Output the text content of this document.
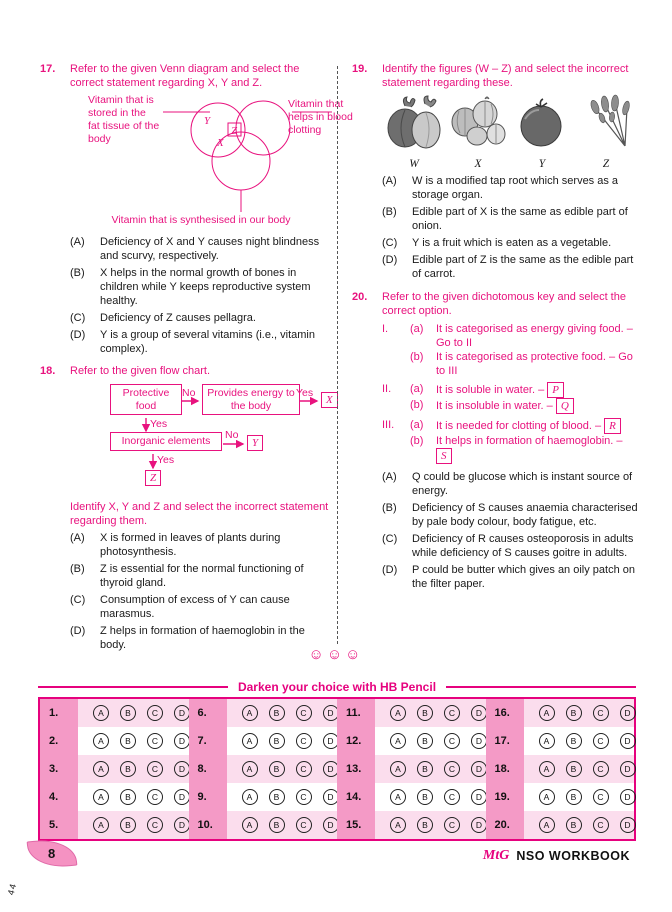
17.	Refer to the given Venn diagram and select the correct statement regarding X, Y and Z.
Y
X
Z
Vitamin that is stored in the fat tissue of the body
Vitamin that helps in blood clotting
Vitamin that is synthesised in our body
(A)	Deficiency of X and Y causes night blindness and scurvy, respectively.
(B)	X helps in the normal growth of bones in children while Y keeps reproductive system healthy.
(C)	Deficiency of Z causes pellagra.
(D)	Y is a group of several vitamins (i.e., vitamin complex).
18.	Refer to the given flow chart.
Protective food
Provides energy to the body	X
Inorganic elements	Y
Z
No	Yes
Yes
No
Yes
Identify X, Y and Z and select the incorrect statement regarding them.
(A)	X is formed in leaves of plants during photosynthesis.
(B)	Z is essential for the normal functioning of thyroid gland.
(C)	Consumption of excess of Y can cause marasmus.
(D)	Z helps in formation of haemoglobin in the body.
19.	Identify the figures (W – Z) and select the incorrect statement regarding these.
W	X	Y	Z
(A)	W is a modified tap root which serves as a storage organ.
(B)	Edible part of X is the same as edible part of onion.
(C)	Y is a fruit which is eaten as a vegetable.
(D)	Edible part of Z is the same as the edible part of carrot.
20.	Refer to the given dichotomous key and select the correct option.
I.	(a)	It is categorised as energy giving food. – Go to II
(b)	It is categorised as protective food. – Go to III
II.	(a)	It is soluble in water. – P
(b)	It is insoluble in water. – Q
III.	(a)	It is needed for clotting of blood. – R
(b)	It helps in formation of haemoglobin. – S
(A)	Q could be glucose which is instant source of energy.
(B)	Deficiency of S causes anaemia characterised by pale body colour, body fatigue, etc.
(C)	Deficiency of R causes osteoporosis in adults while deficiency of S causes goitre in adults.
(D)	P could be butter which gives an oily patch on the filter paper.
☺☺☺
Darken your choice with HB Pencil
1.	A	B	C	D	6.	A	B	C	D	11.	A	B	C	D	16.	A	B	C	D
2.	A	B	C	D	7.	A	B	C	D	12.	A	B	C	D	17.	A	B	C	D
3.	A	B	C	D	8.	A	B	C	D	13.	A	B	C	D	18.	A	B	C	D
4.	A	B	C	D	9.	A	B	C	D	14.	A	B	C	D	19.	A	B	C	D
5.	A	B	C	D	10.	A	B	C	D	15.	A	B	C	D	20.	A	B	C	D
8	MtG NSO WORKBOOK
44
